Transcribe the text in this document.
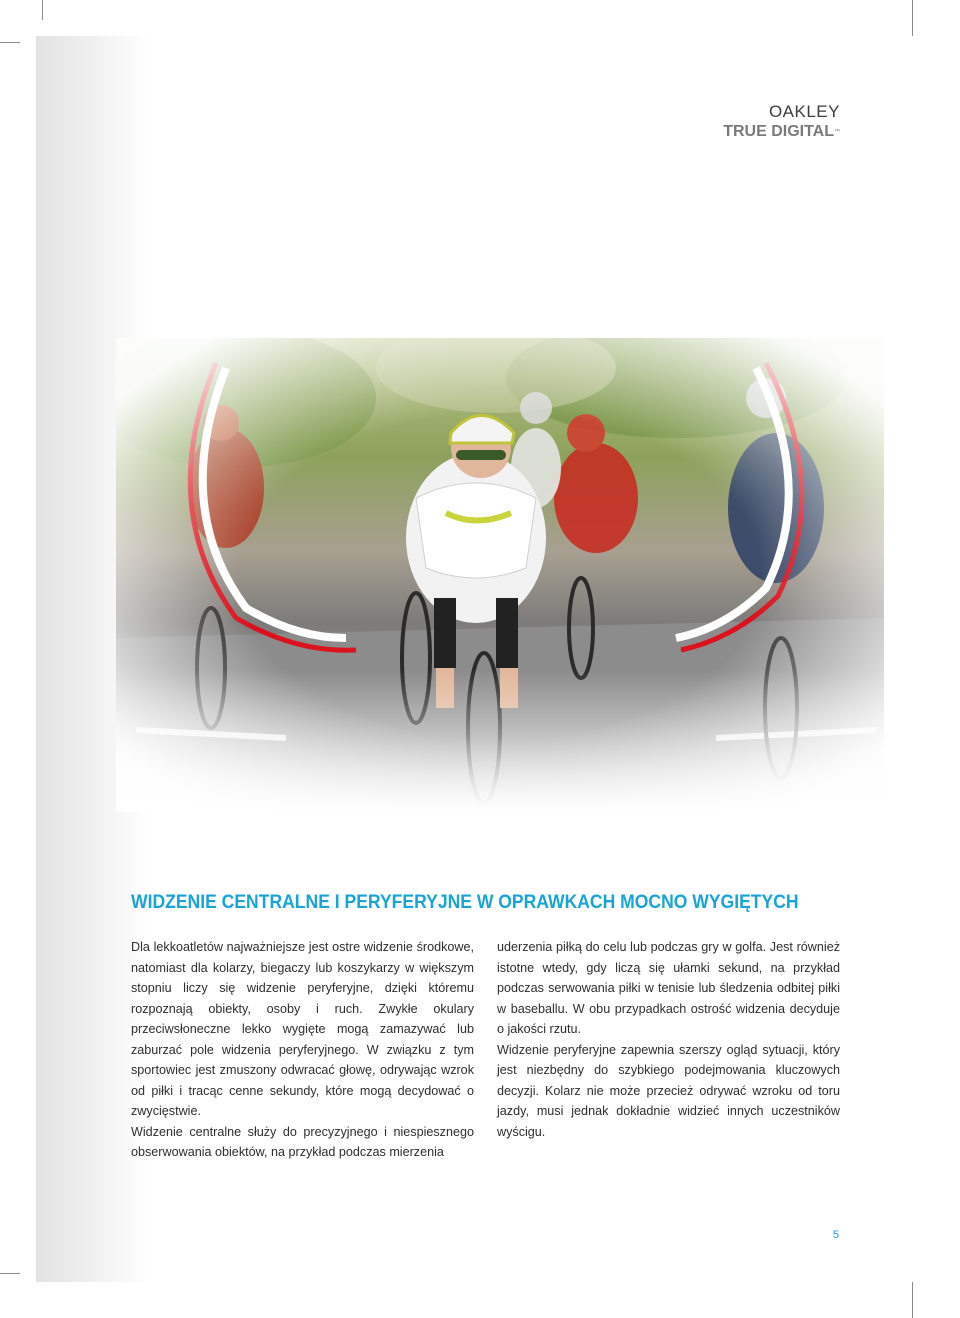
OAKLEY
TRUE DIGITAL™
WIDZENIE CENTRALNE I PERYFERYJNE W OPRAWKACH MOCNO WYGIĘTYCH

Dla lekkoatletów najważniejsze jest ostre widzenie środkowe, natomiast dla kolarzy, biegaczy lub koszykarzy w większym stopniu liczy się widzenie peryferyjne, dzięki któremu rozpoznają obiekty, osoby i ruch. Zwykłe okulary przeciwsłoneczne lekko wygięte mogą zamazywać lub zaburzać pole widzenia peryferyjnego. W związku z tym sportowiec jest zmuszony odwracać głowę, odrywając wzrok od piłki i tracąc cenne sekundy, które mogą decydować o zwycięstwie.

Widzenie centralne służy do precyzyjnego i niespiesznego obserwowania obiektów, na przykład podczas mierzenia

uderzenia piłką do celu lub podczas gry w golfa. Jest również istotne wtedy, gdy liczą się ułamki sekund, na przykład podczas serwowania piłki w tenisie lub śledzenia odbitej piłki w baseballu. W obu przypadkach ostrość widzenia decyduje o jakości rzutu.

Widzenie peryferyjne zapewnia szerszy ogląd sytuacji, który jest niezbędny do szybkiego podejmowania kluczowych decyzji. Kolarz nie może przecież odrywać wzroku od toru jazdy, musi jednak dokładnie widzieć innych uczestników wyścigu.

5
